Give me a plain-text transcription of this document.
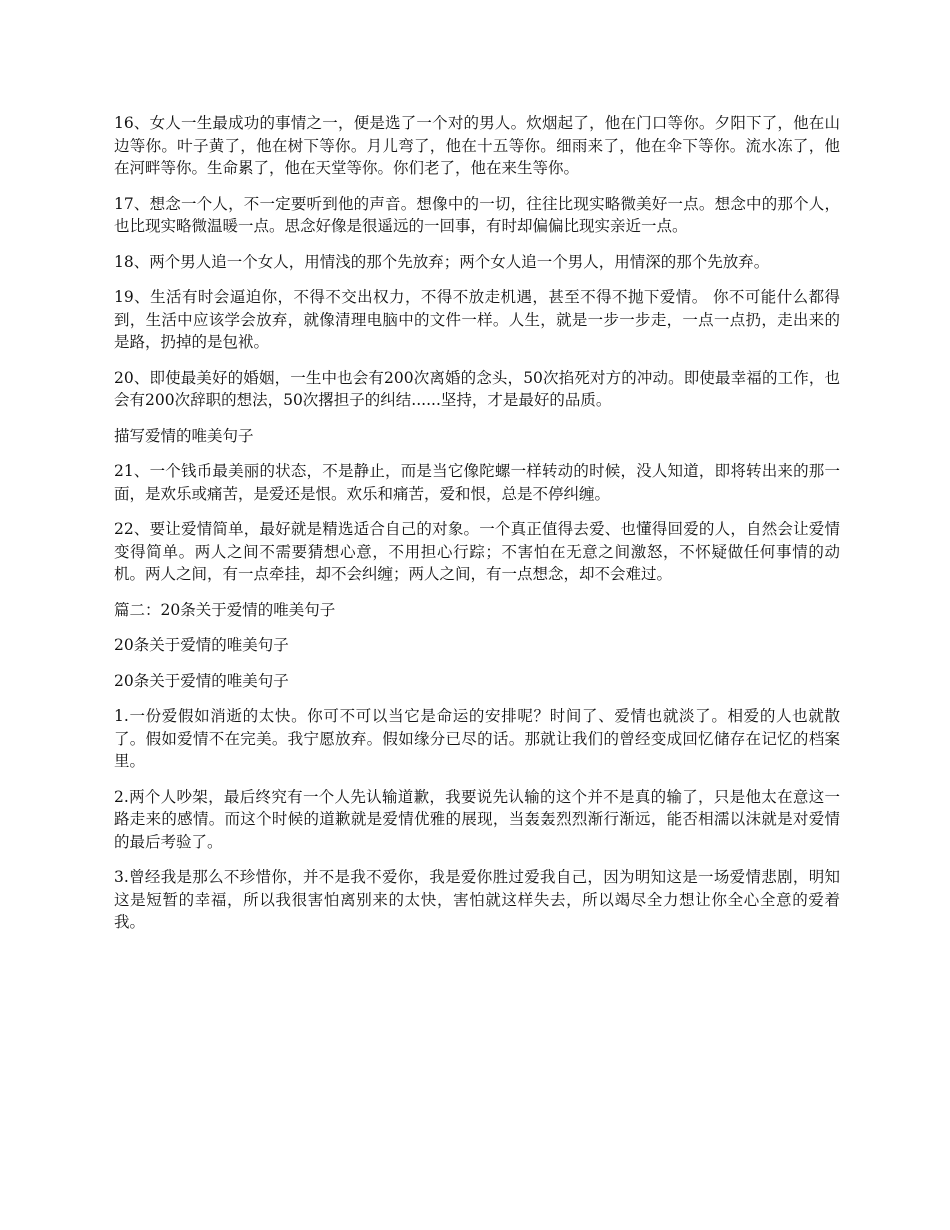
16、女人一生最成功的事情之一，便是选了一个对的男人。炊烟起了，他在门口等你。夕阳下了，他在山边等你。叶子黄了，他在树下等你。月儿弯了，他在十五等你。细雨来了，他在伞下等你。流水冻了，他在河畔等你。生命累了，他在天堂等你。你们老了，他在来生等你。

17、想念一个人，不一定要听到他的声音。想像中的一切，往往比现实略微美好一点。想念中的那个人，也比现实略微温暖一点。思念好像是很遥远的一回事，有时却偏偏比现实亲近一点。

18、两个男人追一个女人，用情浅的那个先放弃；两个女人追一个男人，用情深的那个先放弃。

19、生活有时会逼迫你，不得不交出权力，不得不放走机遇，甚至不得不抛下爱情。 你不可能什么都得到，生活中应该学会放弃，就像清理电脑中的文件一样。人生，就是一步一步走，一点一点扔，走出来的是路，扔掉的是包袱。

20、即使最美好的婚姻，一生中也会有200次离婚的念头，50次掐死对方的冲动。即使最幸福的工作，也会有200次辞职的想法，50次撂担子的纠结......坚持，才是最好的品质。

描写爱情的唯美句子

21、一个钱币最美丽的状态，不是静止，而是当它像陀螺一样转动的时候，没人知道，即将转出来的那一面，是欢乐或痛苦，是爱还是恨。欢乐和痛苦，爱和恨，总是不停纠缠。

22、要让爱情简单，最好就是精选适合自己的对象。一个真正值得去爱、也懂得回爱的人，自然会让爱情变得简单。两人之间不需要猜想心意，不用担心行踪；不害怕在无意之间激怒，不怀疑做任何事情的动机。两人之间，有一点牵挂，却不会纠缠；两人之间，有一点想念，却不会难过。

篇二：20条关于爱情的唯美句子

20条关于爱情的唯美句子

20条关于爱情的唯美句子

1.一份爱假如消逝的太快。你可不可以当它是命运的安排呢？时间了、爱情也就淡了。相爱的人也就散了。假如爱情不在完美。我宁愿放弃。假如缘分已尽的话。那就让我们的曾经变成回忆储存在记忆的档案里。

2.两个人吵架，最后终究有一个人先认输道歉，我要说先认输的这个并不是真的输了，只是他太在意这一路走来的感情。而这个时候的道歉就是爱情优雅的展现，当轰轰烈烈渐行渐远，能否相濡以沫就是对爱情的最后考验了。

3.曾经我是那么不珍惜你，并不是我不爱你，我是爱你胜过爱我自己，因为明知这是一场爱情悲剧，明知这是短暂的幸福，所以我很害怕离别来的太快，害怕就这样失去，所以竭尽全力想让你全心全意的爱着我。
